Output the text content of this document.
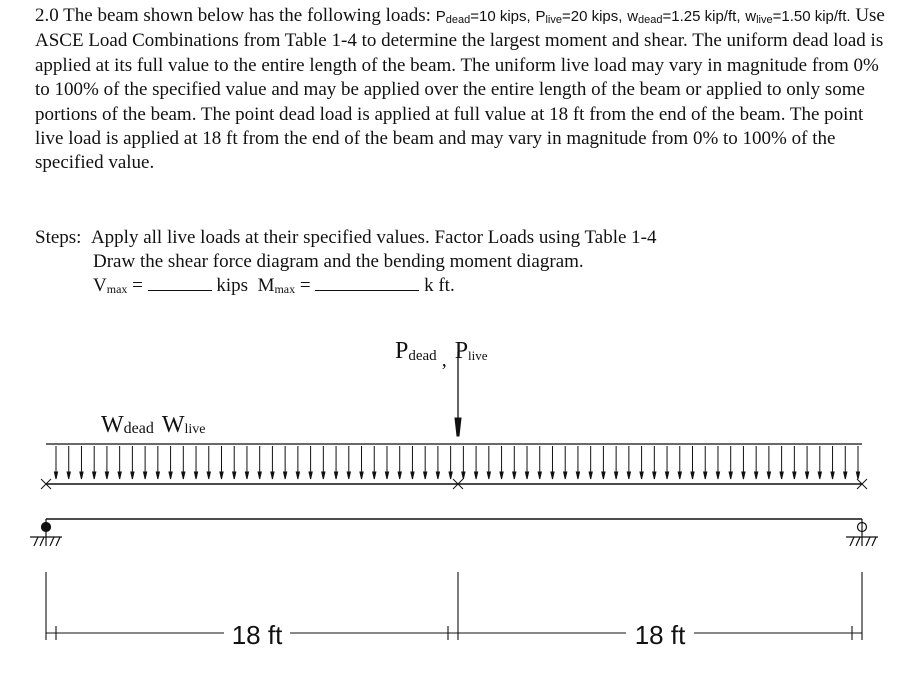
2.0 The beam shown below has the following loads: $P_{dead}=10$ kips, $P_{live}=20$ kips, $w_{dead}=1.25$ kip/ft, $w_{live}=1.50$ kip/ft. Use ASCE Load Combinations from Table 1-4 to determine the largest moment and shear. The uniform dead load is applied at its full value to the entire length of the beam. The uniform live load may vary in magnitude from 0% to 100% of the specified value and may be applied over the entire length of the beam or applied to only some portions of the beam. The point dead load is applied at full value at 18 ft from the end of the beam. The point live load is applied at 18 ft from the end of the beam and may vary in magnitude from 0% to 100% of the specified value.
Steps: Apply all live loads at their specified values. Factor Loads using Table 1-4
Draw the shear force diagram and the bending moment diagram.
$V_{max}$ =	kips $M_{max}$ =	k ft.
Pdead $_,$ Plive
Wdead Wlive
18 ft	18 ft
